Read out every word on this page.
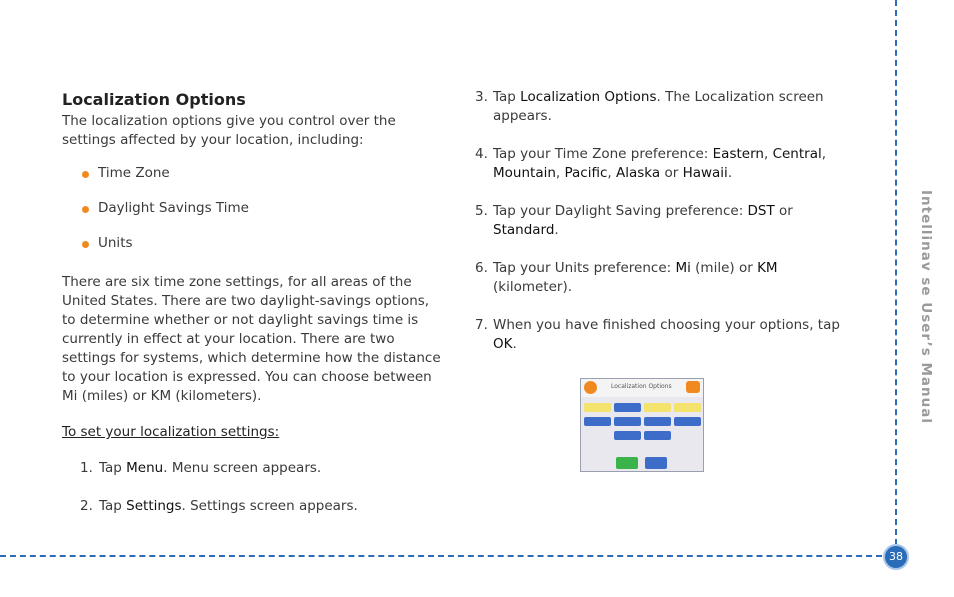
38
Intellinav se User’s Manual
Localization Options

The localization options give you control over the settings affected by your location, including:

Time Zone
Daylight Savings Time
Units

There are six time zone settings, for all areas of the United States. There are two daylight-savings options, to determine whether or not daylight savings time is currently in effect at your location. There are two settings for systems, which determine how the distance to your location is expressed. You can choose between Mi (miles) or KM (kilometers).

To set your localization settings:
1. Tap Menu. Menu screen appears.
2. Tap Settings. Settings screen appears.
3. Tap Localization Options. The Localization screen appears.
4. Tap your Time Zone preference: Eastern, Central, Mountain, Pacific, Alaska or Hawaii.
5. Tap your Daylight Saving preference: DST or Standard.
6. Tap your Units preference: Mi (mile) or KM (kilometer).
7. When you have finished choosing your options, tap OK.
Localization Options
